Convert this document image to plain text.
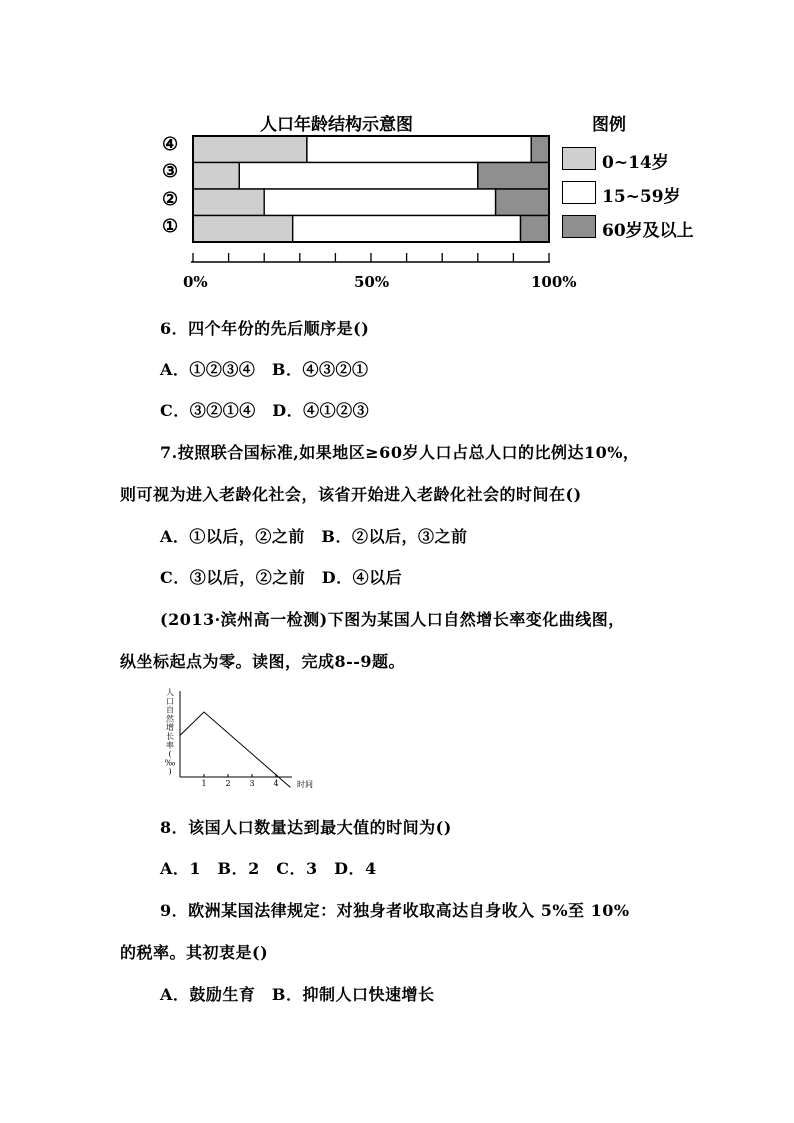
人口年龄结构示意图	图例
④
③
②
①
0~14岁
15~59岁
60岁及以上
0%	50%	100%
6．四个年份的先后顺序是()
A．①②③④　B．④③②①
C．③②①④　D．④①②③
7.按照联合国标准,如果地区≥60岁人口占总人口的比例达10%，
则可视为进入老龄化社会，该省开始进入老龄化社会的时间在()
A．①以后，②之前　B．②以后，③之前
C．③以后，②之前　D．④以后
(2013·滨州高一检测)下图为某国人口自然增长率变化曲线图，
纵坐标起点为零。读图，完成8--9题。
1 2 3 4 时间
人
口
自
然
增
长
率
(
‰
)
8．该国人口数量达到最大值的时间为()
A．1　B．2　C．3　D．4
9．欧洲某国法律规定：对独身者收取高达自身收入 5%至 10%
的税率。其初衷是()
A．鼓励生育　B．抑制人口快速增长
